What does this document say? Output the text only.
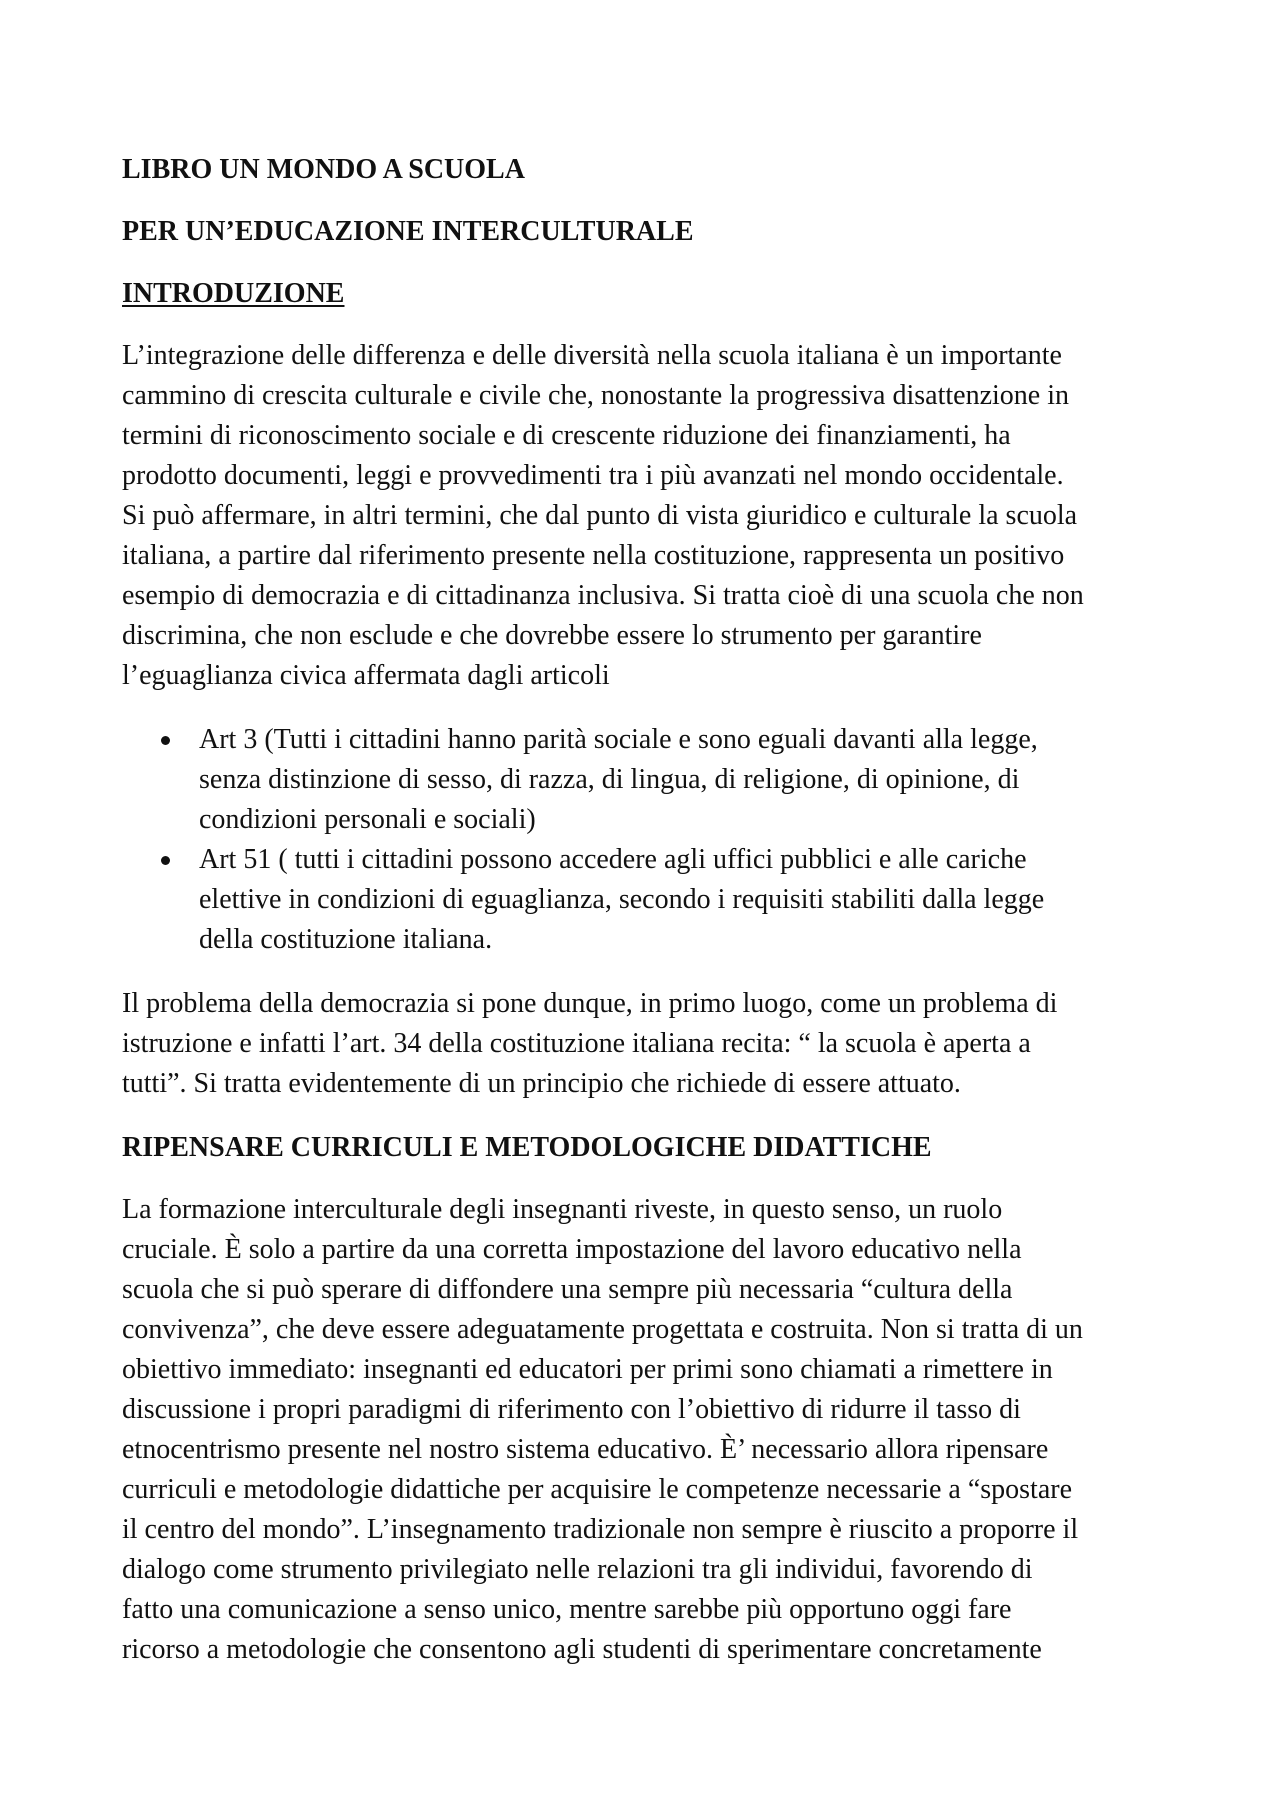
LIBRO UN MONDO A SCUOLA
PER UN’EDUCAZIONE INTERCULTURALE
INTRODUZIONE
L’integrazione delle differenza e delle diversità nella scuola italiana è un importante
cammino di crescita culturale e civile che, nonostante la progressiva disattenzione in
termini di riconoscimento sociale e di crescente riduzione dei finanziamenti, ha
prodotto documenti, leggi e provvedimenti tra i più avanzati nel mondo occidentale.
Si può affermare, in altri termini, che dal punto di vista giuridico e culturale la scuola
italiana, a partire dal riferimento presente nella costituzione, rappresenta un positivo
esempio di democrazia e di cittadinanza inclusiva. Si tratta cioè di una scuola che non
discrimina, che non esclude e che dovrebbe essere lo strumento per garantire
l’eguaglianza civica affermata dagli articoli
Art 3 (Tutti i cittadini hanno parità sociale e sono eguali davanti alla legge,
senza distinzione di sesso, di razza, di lingua, di religione, di opinione, di
condizioni personali e sociali)
Art 51 ( tutti i cittadini possono accedere agli uffici pubblici e alle cariche
elettive in condizioni di eguaglianza, secondo i requisiti stabiliti dalla legge
della costituzione italiana.
Il problema della democrazia si pone dunque, in primo luogo, come un problema di
istruzione e infatti l’art. 34 della costituzione italiana recita: “ la scuola è aperta a
tutti”. Si tratta evidentemente di un principio che richiede di essere attuato.
RIPENSARE CURRICULI E METODOLOGICHE DIDATTICHE
La formazione interculturale degli insegnanti riveste, in questo senso, un ruolo
cruciale. È solo a partire da una corretta impostazione del lavoro educativo nella
scuola che si può sperare di diffondere una sempre più necessaria “cultura della
convivenza”, che deve essere adeguatamente progettata e costruita. Non si tratta di un
obiettivo immediato: insegnanti ed educatori per primi sono chiamati a rimettere in
discussione i propri paradigmi di riferimento con l’obiettivo di ridurre il tasso di
etnocentrismo presente nel nostro sistema educativo. È’ necessario allora ripensare
curriculi e metodologie didattiche per acquisire le competenze necessarie a “spostare
il centro del mondo”. L’insegnamento tradizionale non sempre è riuscito a proporre il
dialogo come strumento privilegiato nelle relazioni tra gli individui, favorendo di
fatto una comunicazione a senso unico, mentre sarebbe più opportuno oggi fare
ricorso a metodologie che consentono agli studenti di sperimentare concretamente
